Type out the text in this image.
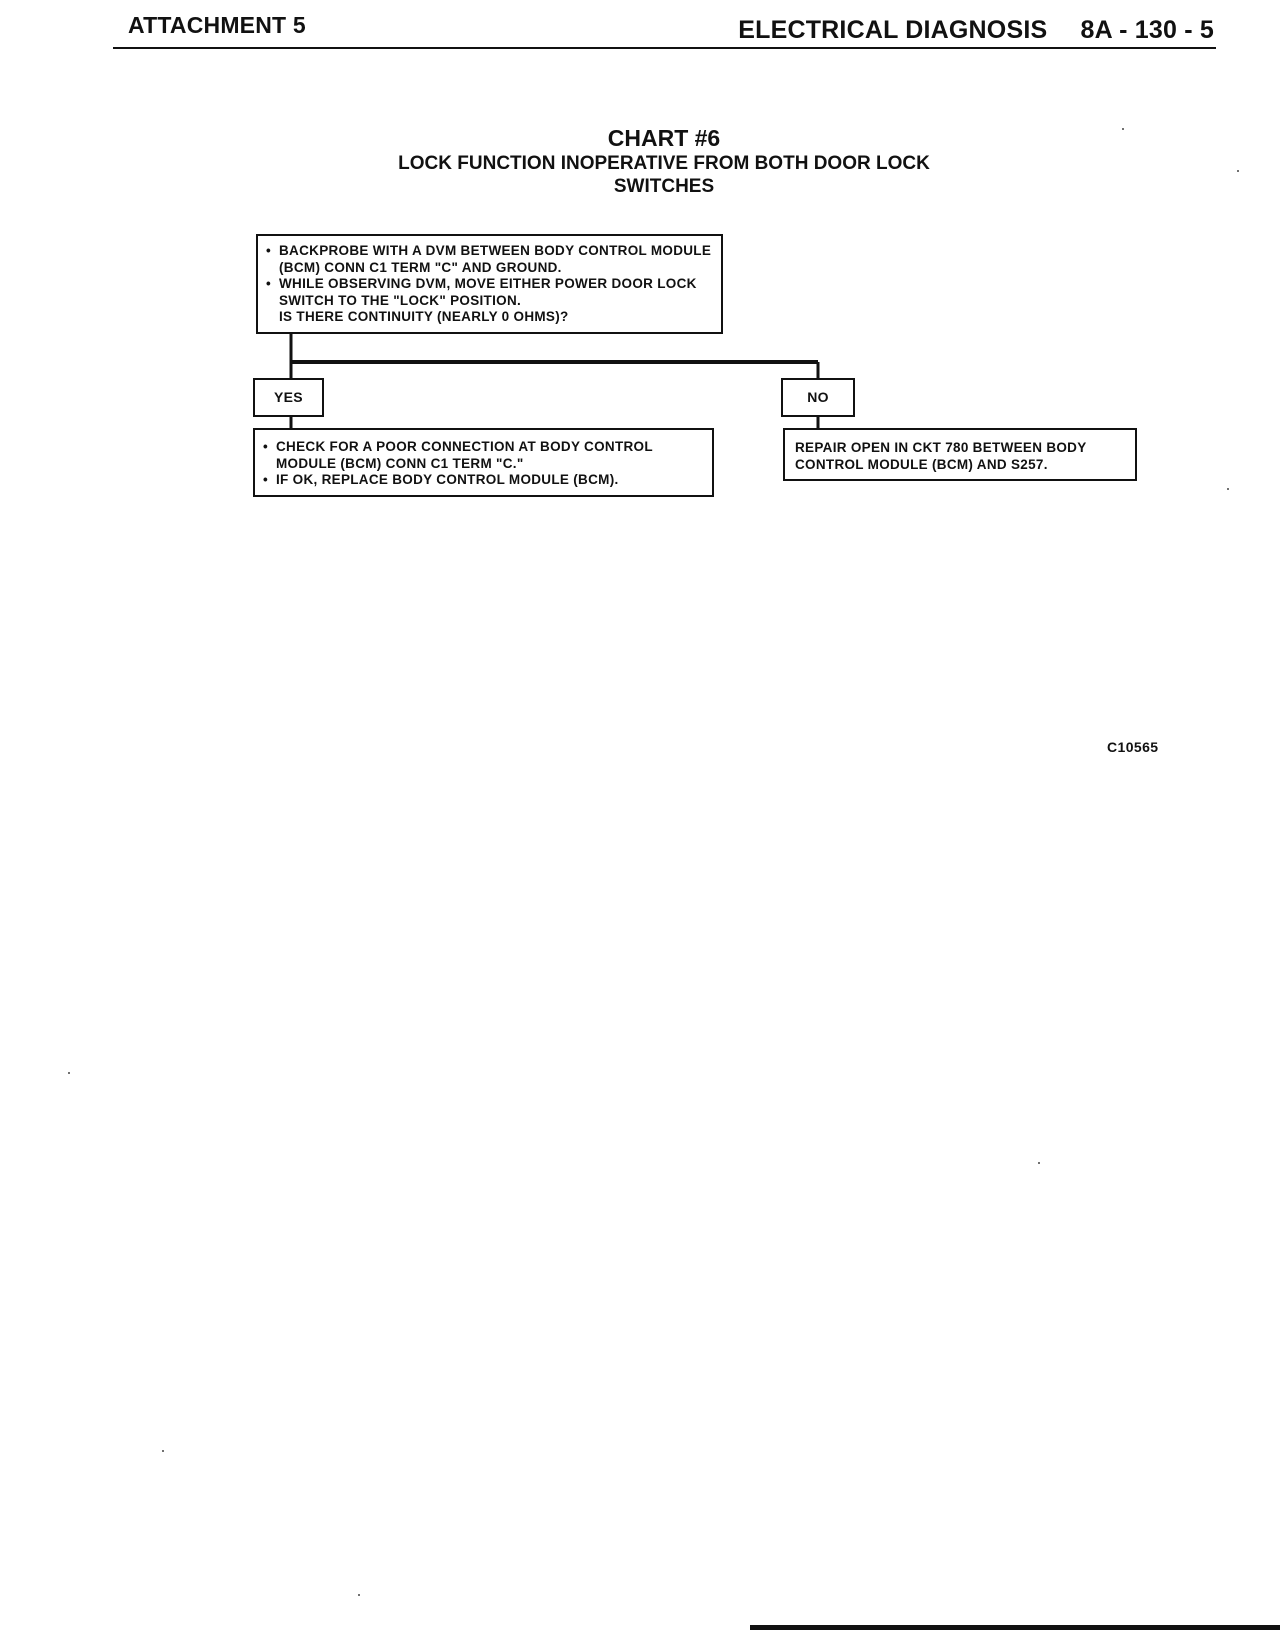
ATTACHMENT 5	ELECTRICAL DIAGNOSIS 8A - 130 - 5
CHART #6
LOCK FUNCTION INOPERATIVE FROM BOTH DOOR LOCK SWITCHES
• BACKPROBE WITH A DVM BETWEEN BODY CONTROL MODULE (BCM) CONN C1 TERM "C" AND GROUND.
• WHILE OBSERVING DVM, MOVE EITHER POWER DOOR LOCK SWITCH TO THE "LOCK" POSITION.
IS THERE CONTINUITY (NEARLY 0 OHMS)?
YES	NO
• CHECK FOR A POOR CONNECTION AT BODY CONTROL MODULE (BCM) CONN C1 TERM "C."
• IF OK, REPLACE BODY CONTROL MODULE (BCM).
REPAIR OPEN IN CKT 780 BETWEEN BODY CONTROL MODULE (BCM) AND S257.
C10565
